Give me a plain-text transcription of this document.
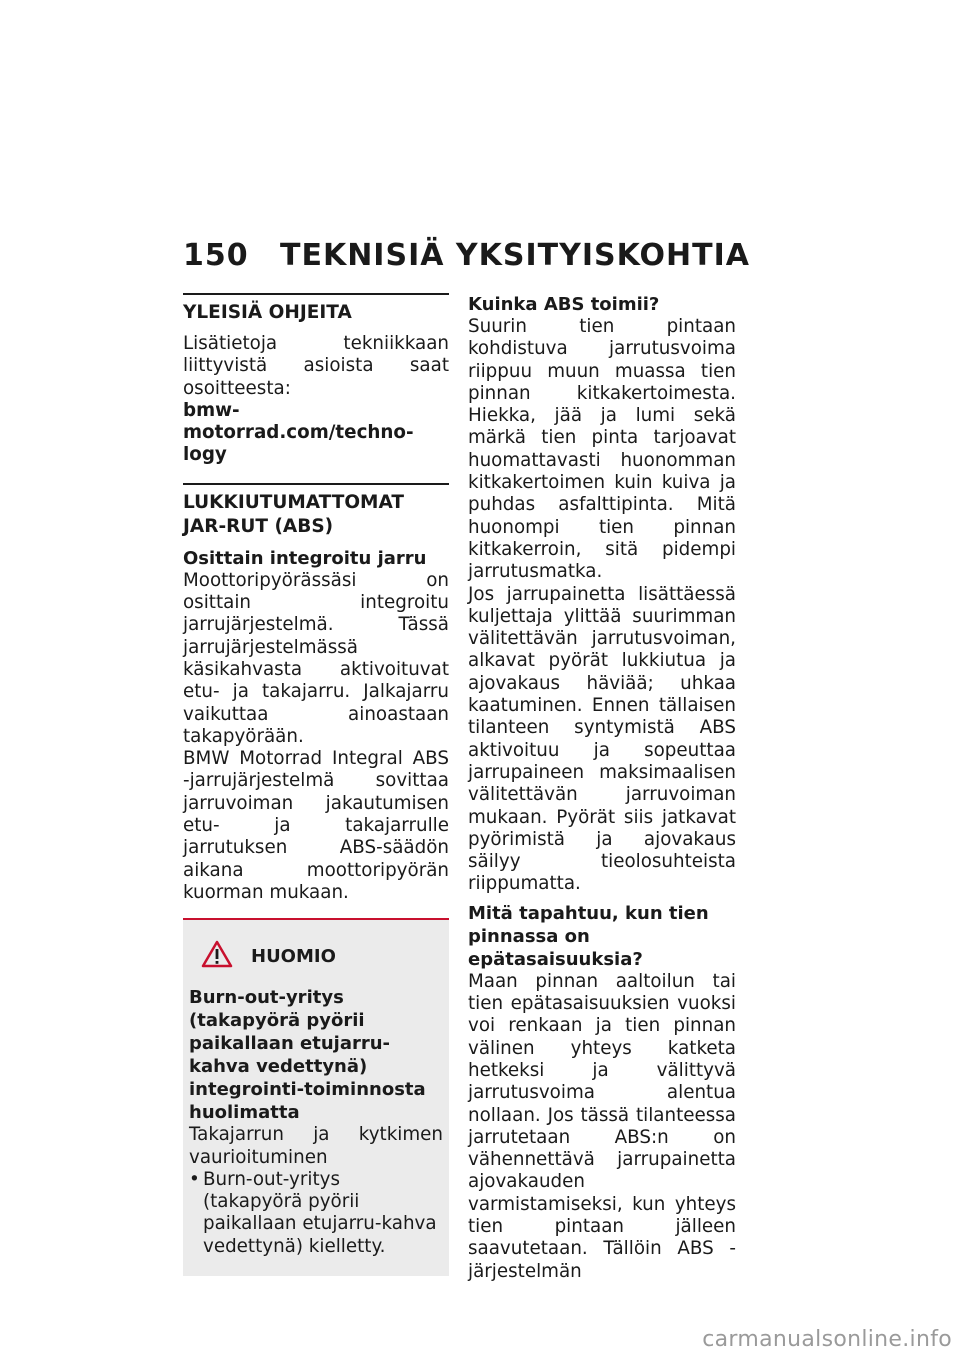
150 TEKNISIÄ YKSITYISKOHTIA
YLEISIÄ OHJEITA

Lisätietoja tekniikkaan liittyvistä asioista saat osoitteesta:

bmw-motorrad.com/techno-logy

LUKKIUTUMATTOMAT JAR-RUT (ABS)
Osittain integroitu jarru

Moottoripyörässäsi on osittain integroitu jarrujärjestelmä. Tässä jarrujärjestelmässä käsikahvasta aktivoituvat etu- ja takajarru. Jalkajarru vaikuttaa ainoastaan takapyörään.

BMW Motorrad Integral ABS -jarrujärjestelmä sovittaa jarruvoiman jakautumisen etu- ja takajarrulle jarrutuksen ABS-säädön aikana moottoripyörän kuorman mukaan.

HUOMIO
Burn-out-yritys (takapyörä pyörii paikallaan etujarru-kahva vedettynä) integrointi-toiminnosta huolimatta

Takajarrun ja kytkimen vaurioituminen

• Burn-out-yritys (takapyörä pyörii paikallaan etujarru-kahva vedettynä) kielletty.

Kuinka ABS toimii?

Suurin tien pintaan kohdistuva jarrutusvoima riippuu muun muassa tien pinnan kitkakertoimesta. Hiekka, jää ja lumi sekä märkä tien pinta tarjoavat huomattavasti huonomman kitkakertoimen kuin kuiva ja puhdas asfalttipinta. Mitä huonompi tien pinnan kitkakerroin, sitä pidempi jarrutusmatka.

Jos jarrupainetta lisättäessä kuljettaja ylittää suurimman välitettävän jarrutusvoiman, alkavat pyörät lukkiutua ja ajovakaus häviää; uhkaa kaatuminen. Ennen tällaisen tilanteen syntymistä ABS aktivoituu ja sopeuttaa jarrupaineen maksimaalisen välitettävän jarruvoiman mukaan. Pyörät siis jatkavat pyörimistä ja ajovakaus säilyy tieolosuhteista riippumatta.

Mitä tapahtuu, kun tien pinnassa on epätasaisuuksia?

Maan pinnan aaltoilun tai tien epätasaisuuksien vuoksi voi renkaan ja tien pinnan välinen yhteys katketa hetkeksi ja välittyvä jarrutusvoima alentua nollaan. Jos tässä tilanteessa jarrutetaan ABS:n on vähennettävä jarrupainetta ajovakauden varmistamiseksi, kun yhteys tien pintaan jälleen saavutetaan. Tällöin ABS -järjestelmän

carmanualsonline.info
